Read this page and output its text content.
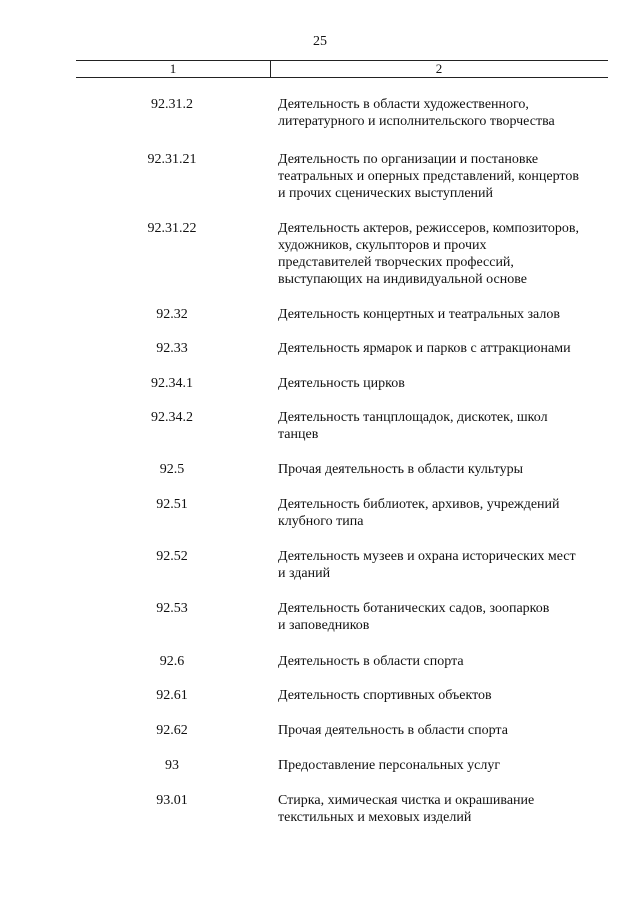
25
1	2
92.31.2	Деятельность в области художественного,
литературного и исполнительского творчества

92.31.21	Деятельность по организации и постановке
театральных и оперных представлений, концертов
и прочих сценических выступлений

92.31.22	Деятельность актеров, режиссеров, композиторов,
художников, скульпторов и прочих
представителей творческих профессий,
выступающих на индивидуальной основе

92.32	Деятельность концертных и театральных залов

92.33	Деятельность ярмарок и парков с аттракционами

92.34.1	Деятельность цирков

92.34.2	Деятельность танцплощадок, дискотек, школ
танцев

92.5	Прочая деятельность в области культуры

92.51	Деятельность библиотек, архивов, учреждений
клубного типа

92.52	Деятельность музеев и охрана исторических мест
и зданий

92.53	Деятельность ботанических садов, зоопарков
и заповедников

92.6	Деятельность в области спорта

92.61	Деятельность спортивных объектов

92.62	Прочая деятельность в области спорта

93	Предоставление персональных услуг

93.01	Стирка, химическая чистка и окрашивание
текстильных и меховых изделий
